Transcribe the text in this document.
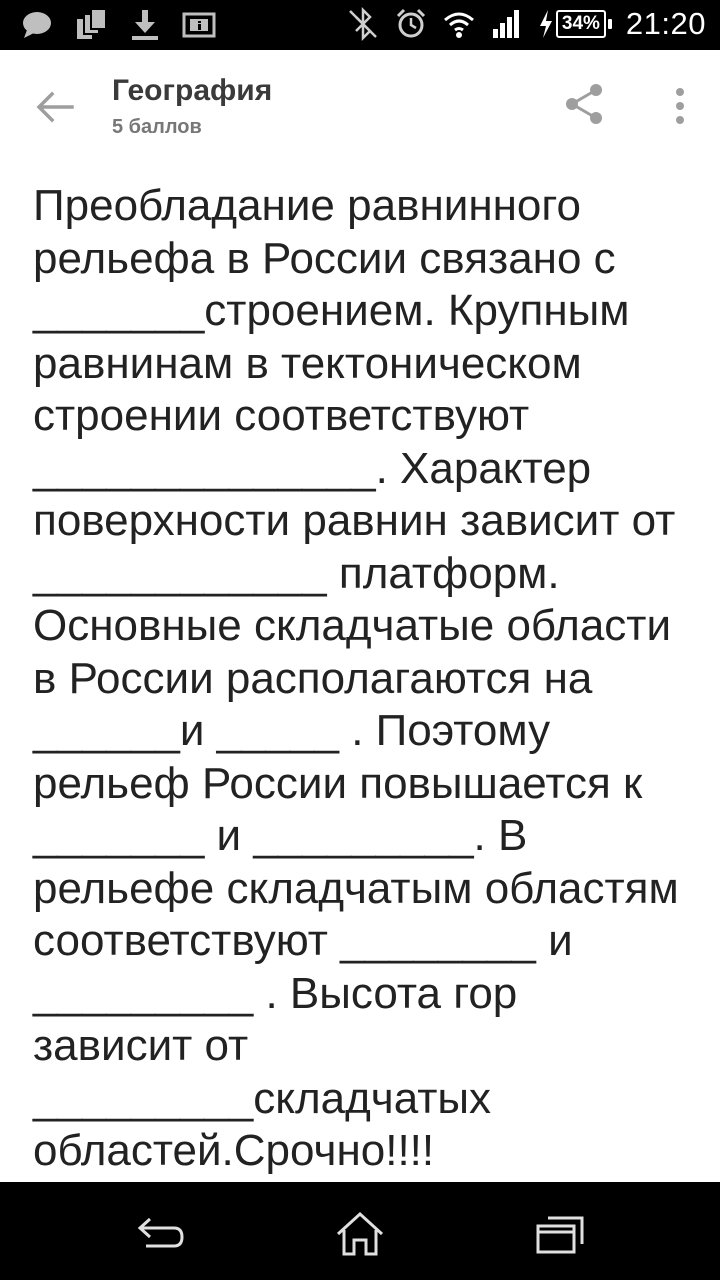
34% 21:20
География
5 баллов

Преобладание равнинного рельефа в России связано с _______строением. Крупным равнинам в тектоническом строении соответствуют ______________. Характер поверхности равнин зависит от ____________ платформ. Основные складчатые области в России располагаются на ______и _____ . Поэтому рельеф России повышается к _______ и _________. В рельефе складчатым областям соответствуют ________ и _________ . Высота гор зависит от _________складчатых областей.Срочно!!!!
